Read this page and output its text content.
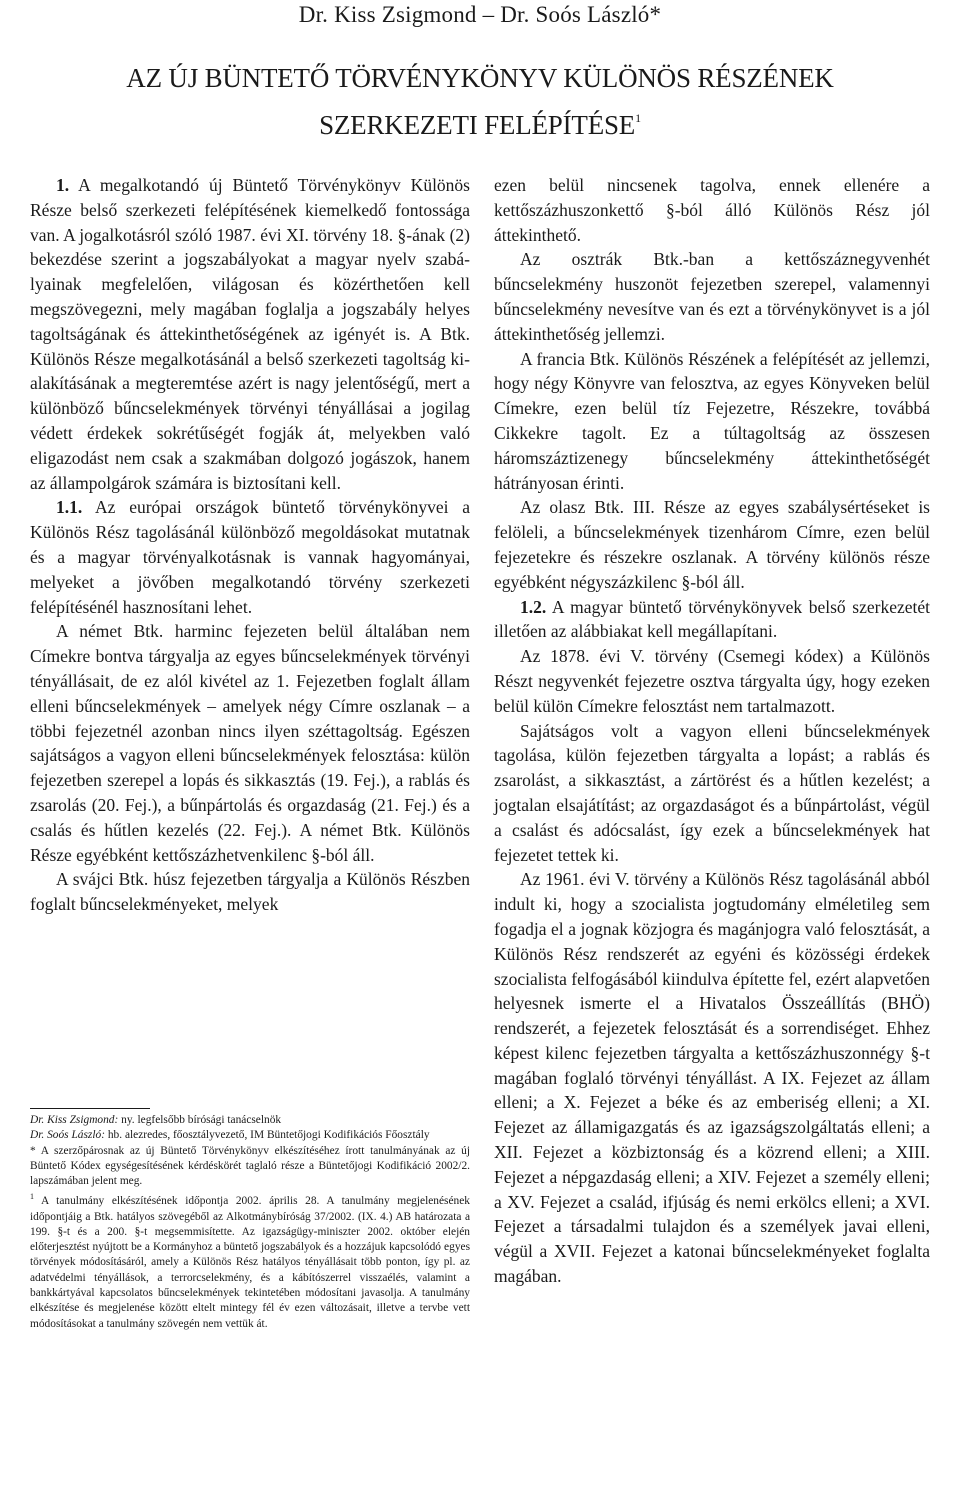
Dr. Kiss Zsigmond – Dr. Soós László*
AZ ÚJ BÜNTETŐ TÖRVÉNYKÖNYV KÜLÖNÖS RÉSZÉNEK
SZERKEZETI FELÉPÍTÉSE$^1$

1. A megalkotandó új Büntető Törvénykönyv Különös Része belső szerkezeti felépítésének kiemelkedő fontossága van. A jogalkotásról szóló 1987. évi XI. törvény 18. §-ának (2) bekezdése szerint a jogszabályokat a magyar nyelv szabályainak megfelelően, világosan és közérthetően kell megszövegezni, mely magában foglalja a jogszabály helyes tagoltságának és áttekinthetőségének az igényét is. A Btk. Különös Része megalkotásánál a belső szerkezeti tagoltság kialakításának a megteremtése azért is nagy jelentőségű, mert a különböző bűncselekmények törvényi tényállásai a jogilag védett érdekek sokrétűségét fogják át, melyekben való eligazodást nem csak a szakmában dolgozó jogászok, hanem az állampolgárok számára is biztosítani kell.

1.1. Az európai országok büntető törvénykönyvei a Különös Rész tagolásánál különböző megoldásokat mutatnak és a magyar törvényalkotásnak is vannak hagyományai, melyeket a jövőben megalkotandó törvény szerkezeti felépítésénél hasznosítani lehet.

A német Btk. harminc fejezeten belül általában nem Címekre bontva tárgyalja az egyes bűncselekmények törvényi tényállásait, de ez alól kivétel az 1. Fejezetben foglalt állam elleni bűncselekmények – amelyek négy Címre oszlanak – a többi fejezetnél azonban nincs ilyen széttagoltság. Egészen sajátságos a vagyon elleni bűncselekmények felosztása: külön fejezetben szerepel a lopás és sikkasztás (19. Fej.), a rablás és zsarolás (20. Fej.), a bűnpártolás és orgazdaság (21. Fej.) és a csalás és hűtlen kezelés (22. Fej.). A német Btk. Különös Része egyébként kettőszázhetvenkilenc §-ból áll.

A svájci Btk. húsz fejezetben tárgyalja a Különös Részben foglalt bűncselekményeket, melyek

Dr. Kiss Zsigmond: ny. legfelsőbb bírósági tanácselnök

Dr. Soós László: hb. alezredes, főosztályvezető, IM Büntetőjogi Kodifikációs Főosztály

* A szerzőpárosnak az új Büntető Törvénykönyv elkészítéséhez írott tanulmányának az új Büntető Kódex egységesítésének kérdéskörét taglaló része a Büntetőjogi Kodifikáció 2002/2. lapszámában jelent meg.

$^1$ A tanulmány elkészítésének időpontja 2002. április 28. A tanulmány megjelenésének időpontjáig a Btk. hatályos szövegéből az Alkotmánybíróság 37/2002. (IX. 4.) AB határozata a 199. §-t és a 200. §-t megsemmisítette. Az igazságügy-miniszter 2002. október elején előterjesztést nyújtott be a Kormányhoz a büntető jogszabályok és a hozzájuk kapcsolódó egyes törvények módosításáról, amely a Különös Rész hatályos tényállásait több ponton, így pl. az adatvédelmi tényállások, a terrorcselekmény, és a kábítószerrel visszaélés, valamint a bankkártyával kapcsolatos bűncselekmények tekintetében módosítani javasolja. A tanulmány elkészítése és megjelenése között eltelt mintegy fél év ezen változásait, illetve a tervbe vett módosításokat a tanulmány szövegén nem vettük át.

ezen belül nincsenek tagolva, ennek ellenére a kettőszázhuszonkettő §-ból álló Különös Rész jól áttekinthető.

Az osztrák Btk.-ban a kettőszáznegyvenhét bűncselekmény huszonöt fejezetben szerepel, valamennyi bűncselekmény nevesítve van és ezt a törvénykönyvet is a jól áttekinthetőség jellemzi.

A francia Btk. Különös Részének a felépítését az jellemzi, hogy négy Könyvre van felosztva, az egyes Könyveken belül Címekre, ezen belül tíz Fejezetre, Részekre, továbbá Cikkekre tagolt. Ez a túltagoltság az összesen háromszáztizenegy bűncselekmény áttekinthetőségét hátrányosan érinti.

Az olasz Btk. III. Része az egyes szabálysértéseket is felöleli, a bűncselekmények tizenhárom Címre, ezen belül fejezetekre és részekre oszlanak. A törvény különös része egyébként négyszázkilenc §-ból áll.

1.2. A magyar büntető törvénykönyvek belső szerkezetét illetően az alábbiakat kell megállapítani.

Az 1878. évi V. törvény (Csemegi kódex) a Különös Részt negyvenkét fejezetre osztva tárgyalta úgy, hogy ezeken belül külön Címekre felosztást nem tartalmazott.

Sajátságos volt a vagyon elleni bűncselekmények tagolása, külön fejezetben tárgyalta a lopást; a rablás és zsarolást, a sikkasztást, a zártörést és a hűtlen kezelést; a jogtalan elsajátítást; az orgazdaságot és a bűnpártolást, végül a csalást és adócsalást, így ezek a bűncselekmények hat fejezetet tettek ki.

Az 1961. évi V. törvény a Különös Rész tagolásánál abból indult ki, hogy a szocialista jogtudomány elméletileg sem fogadja el a jognak közjogra és magánjogra való felosztását, a Különös Rész rendszerét az egyéni és közösségi érdekek szocialista felfogásából kiindulva építette fel, ezért alapvetően helyesnek ismerte el a Hivatalos Összeállítás (BHÖ) rendszerét, a fejezetek felosztását és a sorrendiséget. Ehhez képest kilenc fejezetben tárgyalta a kettőszázhuszonnégy §-t magában foglaló törvényi tényállást. A IX. Fejezet az állam elleni; a X. Fejezet a béke és az emberiség elleni; a XI. Fejezet az államigazgatás és az igazságszolgáltatás elleni; a XII. Fejezet a közbiztonság és a közrend elleni; a XIII. Fejezet a népgazdaság elleni; a XIV. Fejezet a személy elleni; a XV. Fejezet a család, ifjúság és nemi erkölcs elleni; a XVI. Fejezet a társadalmi tulajdon és a személyek javai elleni, végül a XVII. Fejezet a katonai bűncselekményeket foglalta magában.
